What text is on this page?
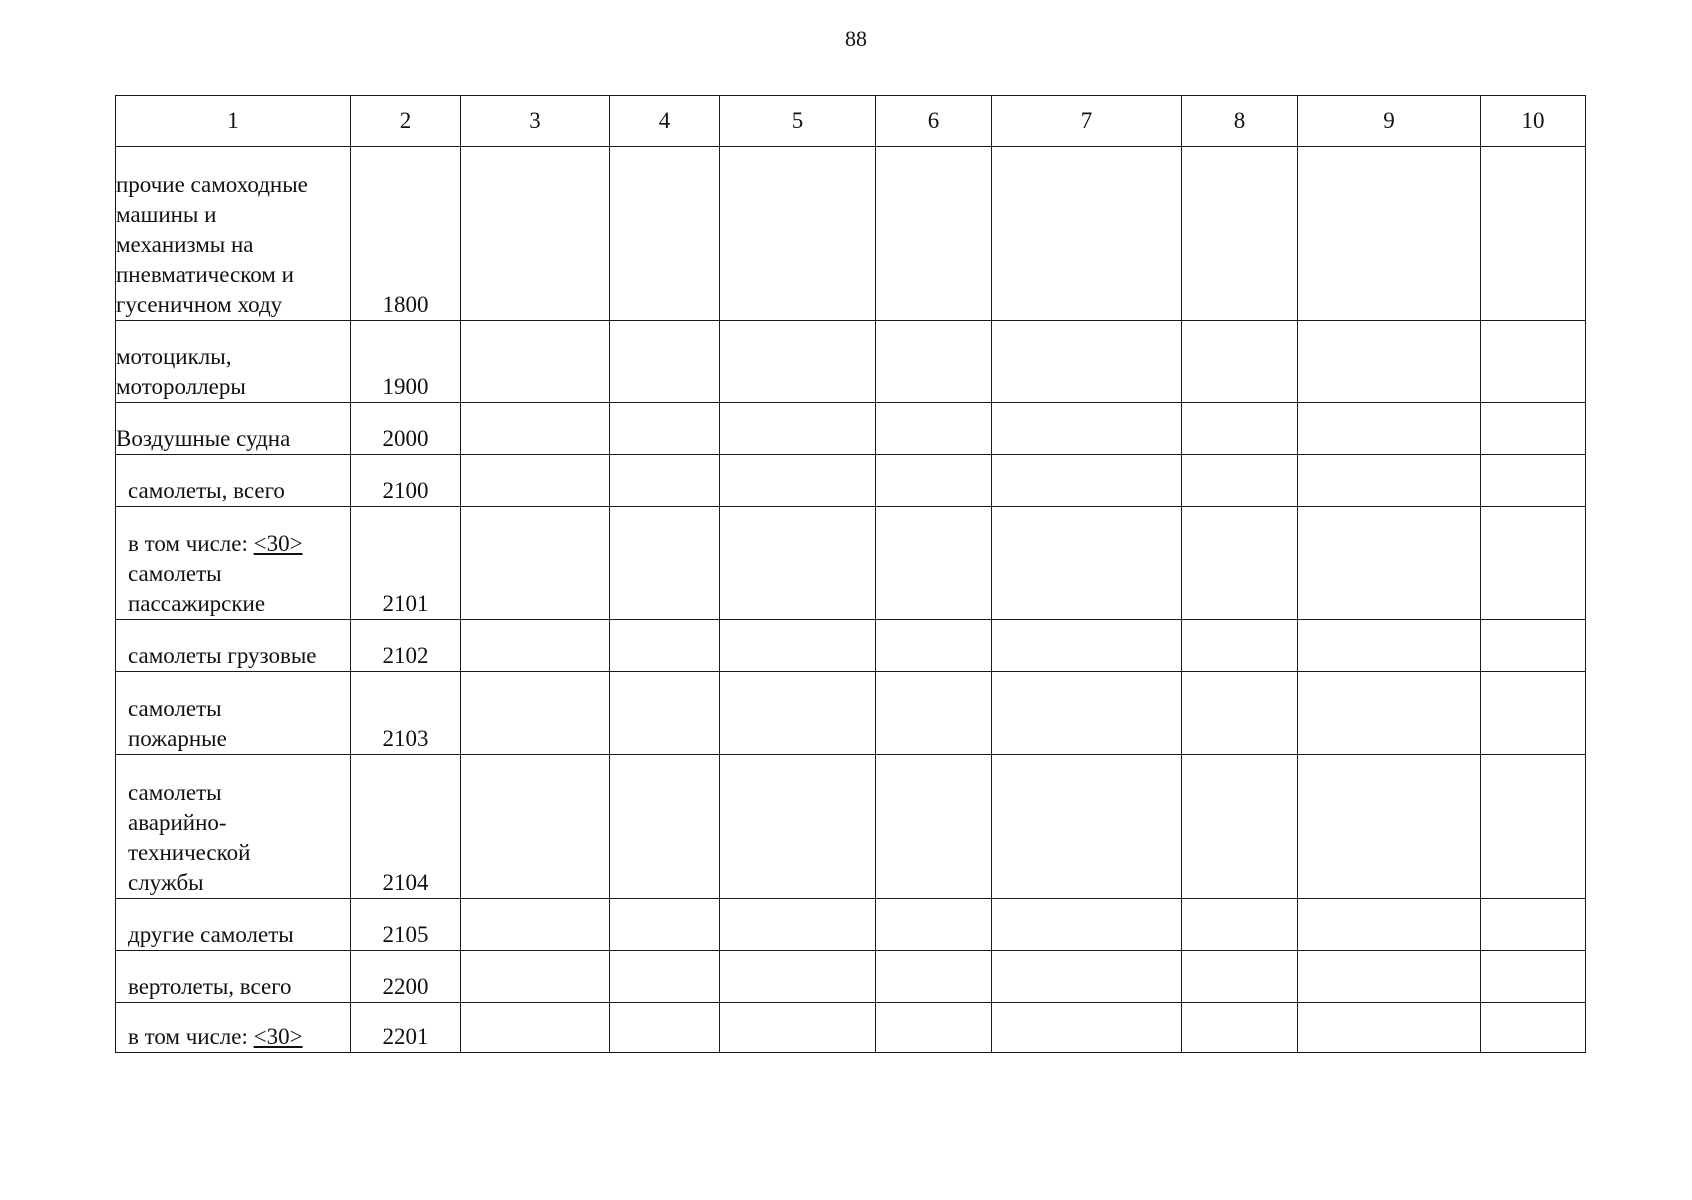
88
1	2	3	4	5	6	7	8	9	10

прочие самоходные
машины и
механизмы на
пневматическом и
гусеничном ходу	1800								

мотоциклы,
мотороллеры	1900								

Воздушные судна	2000								

самолеты, всего	2100								

в том числе: <30>
самолеты
пассажирские	2101								

самолеты грузовые	2102								

самолеты
пожарные	2103								

самолеты
аварийно-
технической
службы	2104								

другие самолеты	2105								

вертолеты, всего	2200								

в том числе: <30>	2201								
